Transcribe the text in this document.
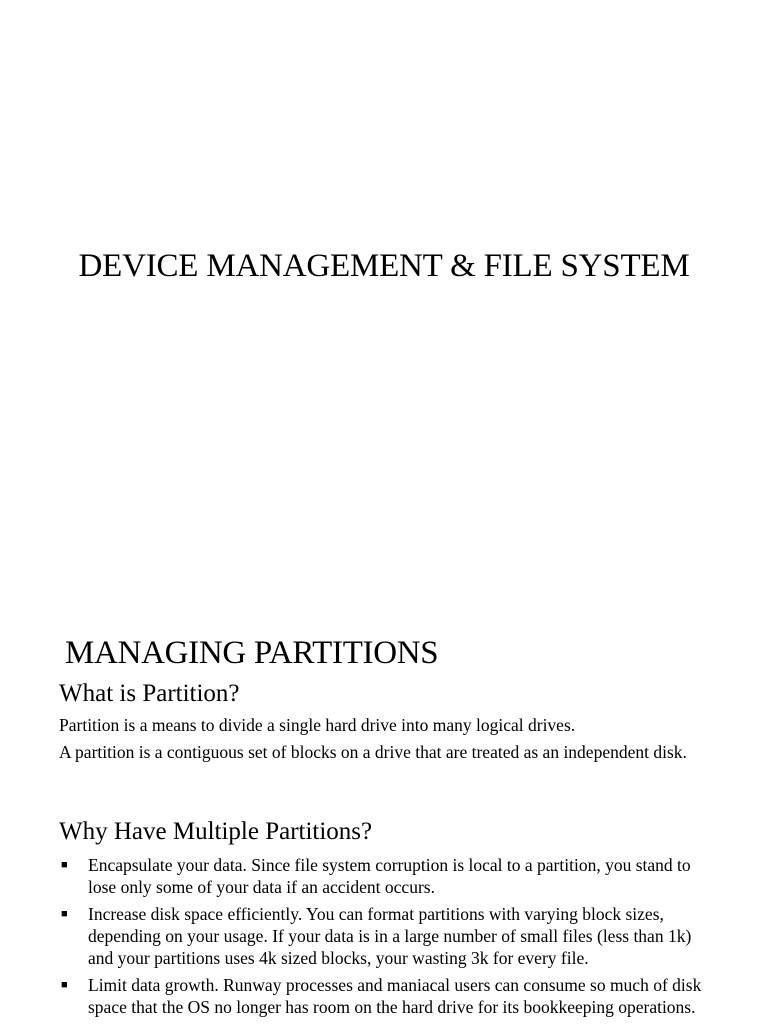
DEVICE MANAGEMENT & FILE SYSTEM
MANAGING PARTITIONS
What is Partition?
Partition is a means to divide a single hard drive into many logical drives.
A partition is a contiguous set of blocks on a drive that are treated as an independent disk.
Why Have Multiple Partitions?
■ Encapsulate your data. Since file system corruption is local to a partition, you stand to lose only some of your data if an accident occurs.
■ Increase disk space efficiently. You can format partitions with varying block sizes, depending on your usage. If your data is in a large number of small files (less than 1k) and your partitions uses 4k sized blocks, your wasting 3k for every file.
■ Limit data growth. Runway processes and maniacal users can consume so much of disk space that the OS no longer has room on the hard drive for its bookkeeping operations.
